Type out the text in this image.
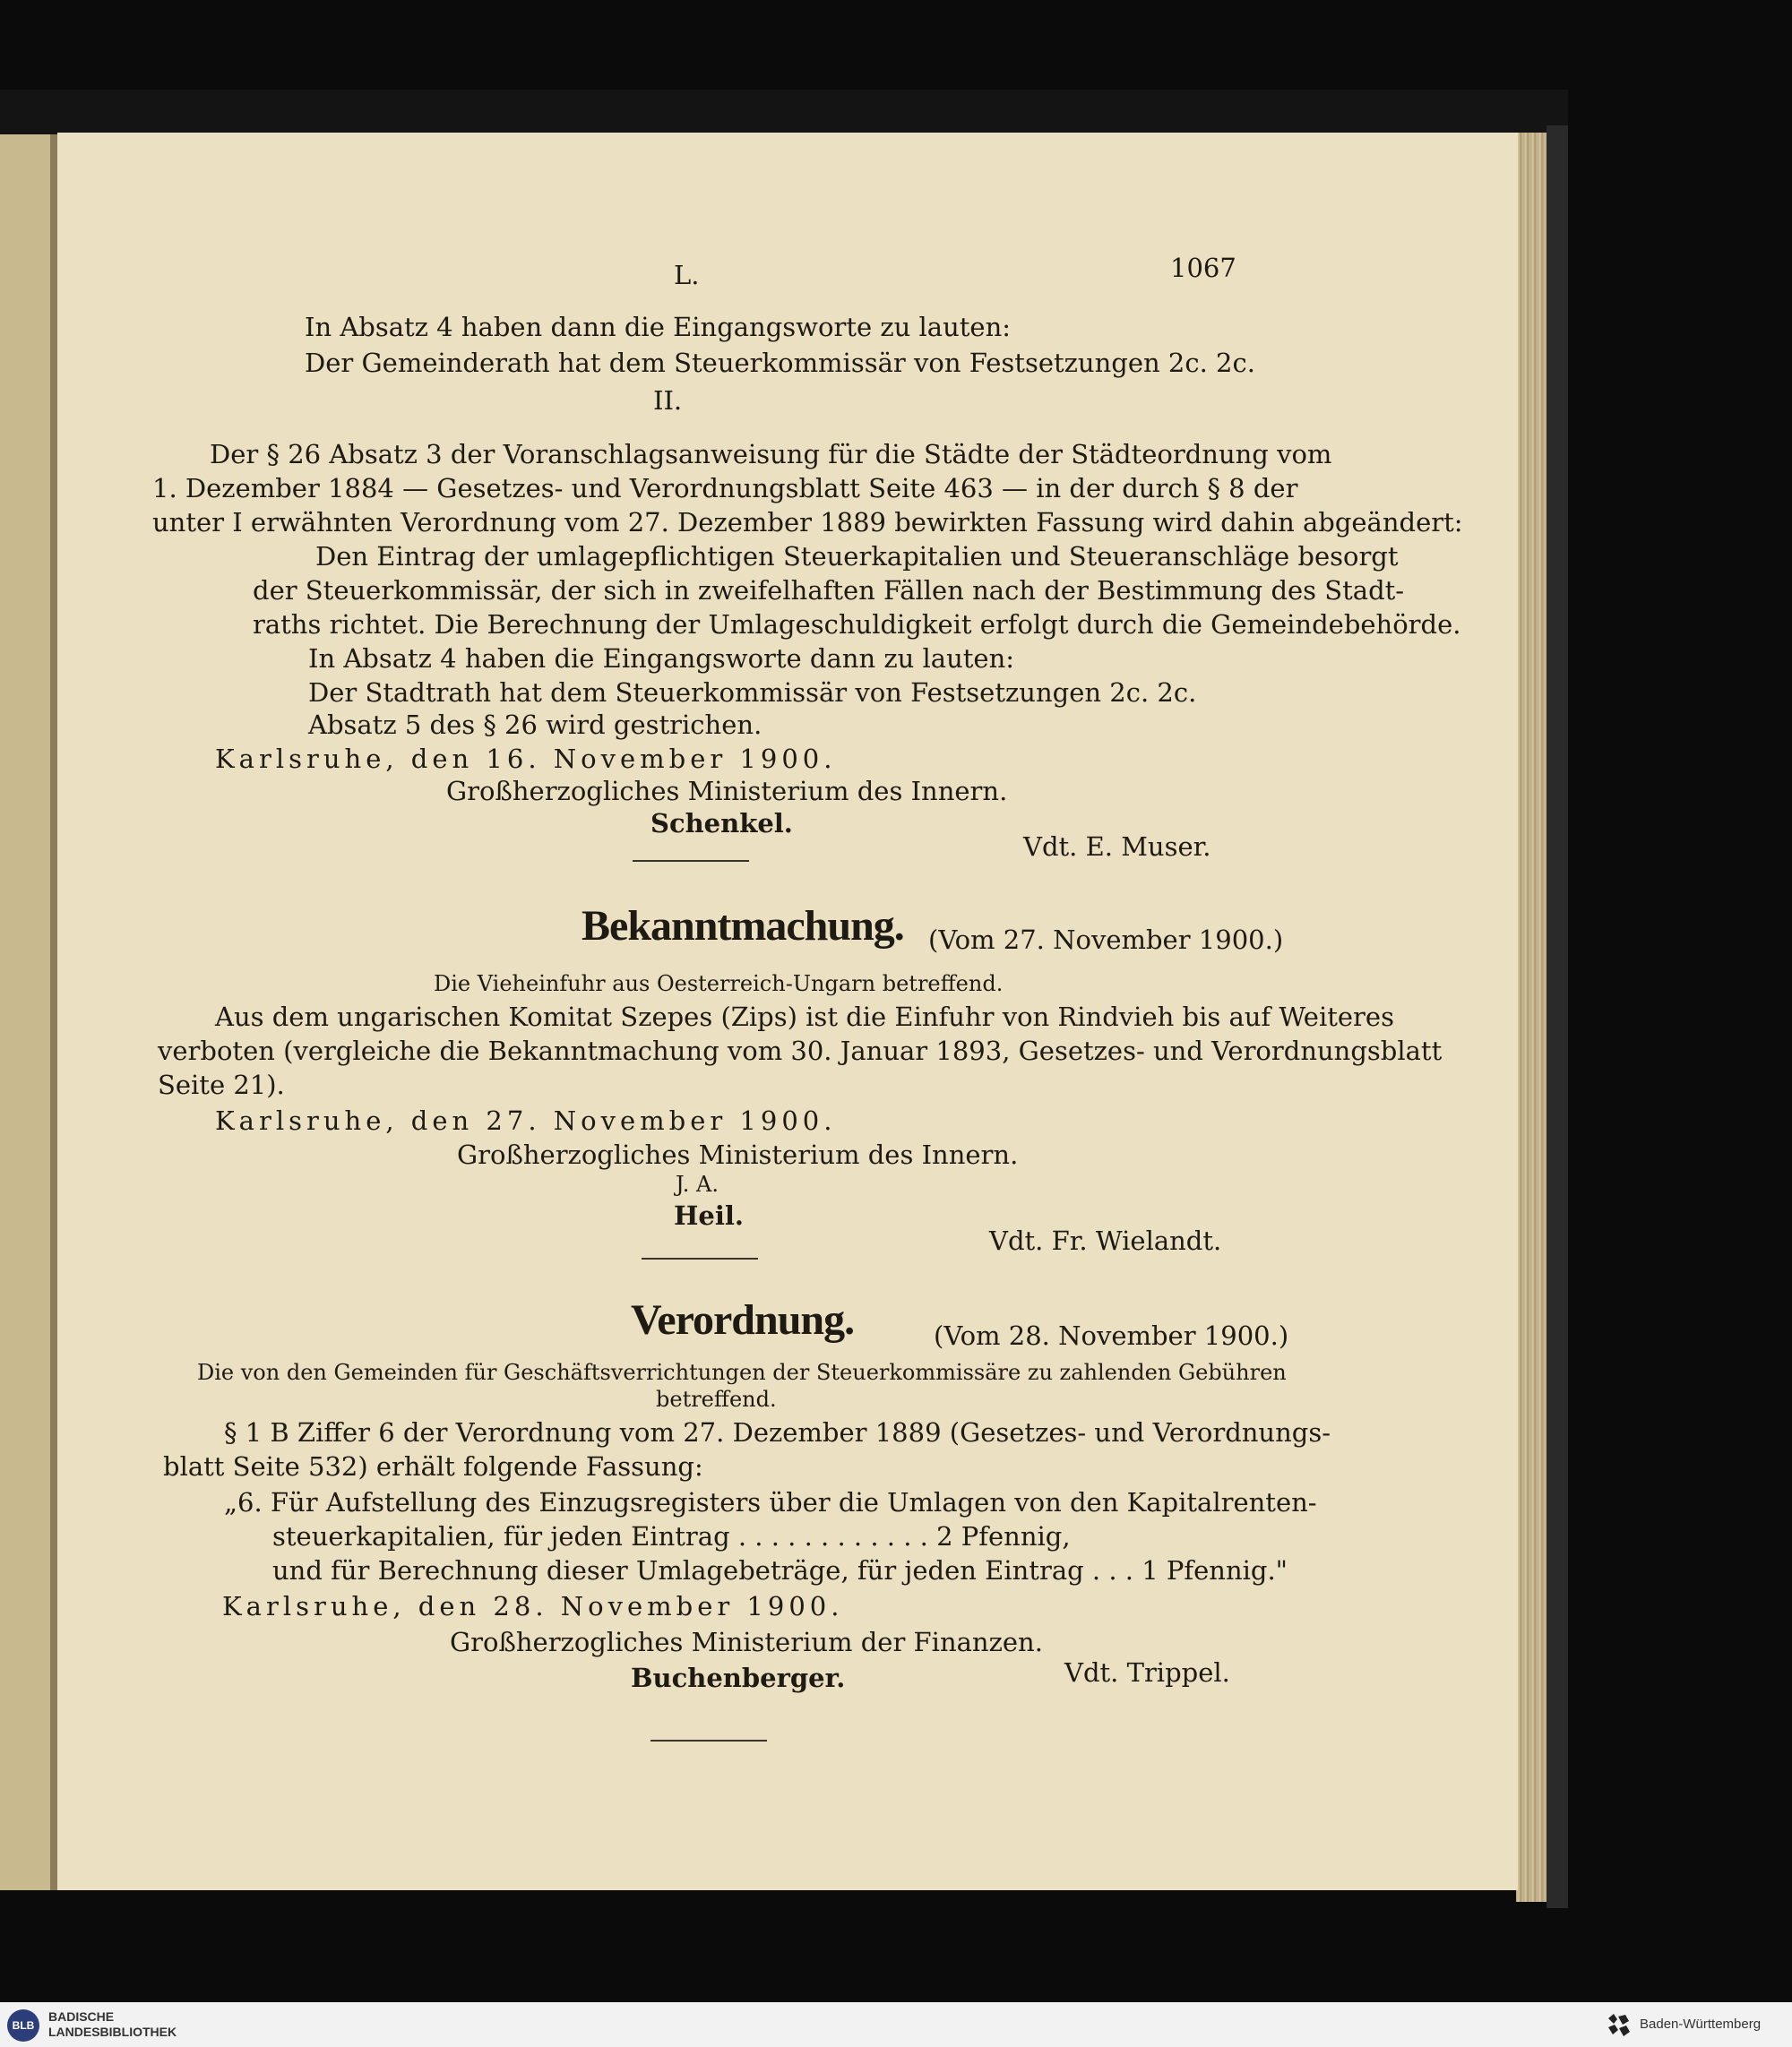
L.	1067
In Absatz 4 haben dann die Eingangsworte zu lauten:
Der Gemeinderath hat dem Steuerkommissär von Festsetzungen 2c. 2c.
II.
Der § 26 Absatz 3 der Voranschlagsanweisung für die Städte der Städteordnung vom
1. Dezember 1884 — Gesetzes- und Verordnungsblatt Seite 463 — in der durch § 8 der
unter I erwähnten Verordnung vom 27. Dezember 1889 bewirkten Fassung wird dahin abgeändert:
Den Eintrag der umlagepflichtigen Steuerkapitalien und Steueranschläge besorgt
der Steuerkommissär, der sich in zweifelhaften Fällen nach der Bestimmung des Stadt-
raths richtet. Die Berechnung der Umlageschuldigkeit erfolgt durch die Gemeindebehörde.
In Absatz 4 haben die Eingangsworte dann zu lauten:
Der Stadtrath hat dem Steuerkommissär von Festsetzungen 2c. 2c.
Absatz 5 des § 26 wird gestrichen.
Karlsruhe, den 16. November 1900.
Großherzogliches Ministerium des Innern.
Schenkel.
Vdt. E. Muser.
Bekanntmachung. (Vom 27. November 1900.)
Die Vieheinfuhr aus Oesterreich-Ungarn betreffend.
Aus dem ungarischen Komitat Szepes (Zips) ist die Einfuhr von Rindvieh bis auf Weiteres
verboten (vergleiche die Bekanntmachung vom 30. Januar 1893, Gesetzes- und Verordnungsblatt
Seite 21).
Karlsruhe, den 27. November 1900.
Großherzogliches Ministerium des Innern.
J. A.
Heil.
Vdt. Fr. Wielandt.
Verordnung.	(Vom 28. November 1900.)
Die von den Gemeinden für Geschäftsverrichtungen der Steuerkommissäre zu zahlenden Gebühren
betreffend.
§ 1 B Ziffer 6 der Verordnung vom 27. Dezember 1889 (Gesetzes- und Verordnungs-
blatt Seite 532) erhält folgende Fassung:
„6. Für Aufstellung des Einzugsregisters über die Umlagen von den Kapitalrenten-
steuerkapitalien, für jeden Eintrag . . . . . . . . . . . . 2 Pfennig,
und für Berechnung dieser Umlagebeträge, für jeden Eintrag . . . 1 Pfennig."
Karlsruhe, den 28. November 1900.
Großherzogliches Ministerium der Finanzen.
Buchenberger.	Vdt. Trippel.
BLB
BADISCHE
LANDESBIBLIOTHEK	Baden-Württemberg
